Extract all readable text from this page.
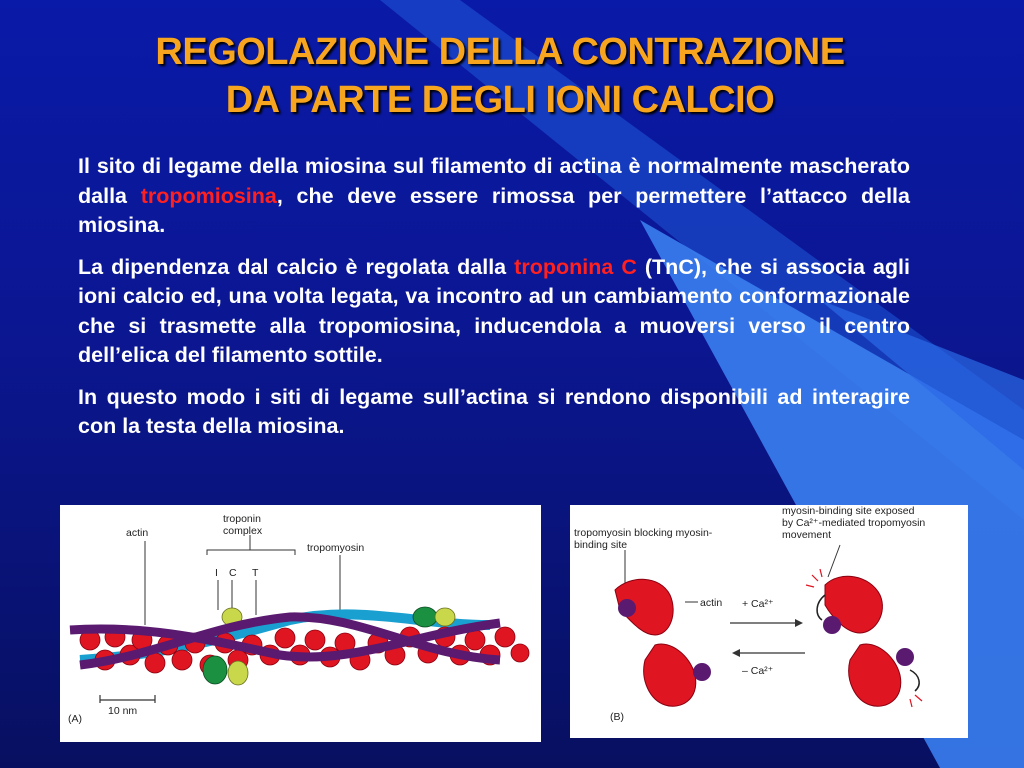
REGOLAZIONE DELLA CONTRAZIONE
DA PARTE DEGLI IONI CALCIO

Il sito di legame della miosina sul filamento di actina è normalmente mascherato dalla tropomiosina, che deve essere rimossa per permettere l’attacco della miosina.

La dipendenza dal calcio è regolata dalla troponina C (TnC), che si associa agli ioni calcio ed, una volta legata, va incontro ad un cambiamento conformazionale che si trasmette alla tropomiosina, inducendola a muoversi verso il centro dell’elica del filamento sottile.

In questo modo i siti di legame sull’actina si rendono disponibili ad interagire con la testa della miosina.

actin
troponin complex
I C T
tropomyosin
10 nm
(A)
tropomyosin blocking myosin-binding site
myosin-binding site exposed
by Ca²⁺-mediated tropomyosin
movement
actin + Ca²⁺
– Ca²⁺
(B)
